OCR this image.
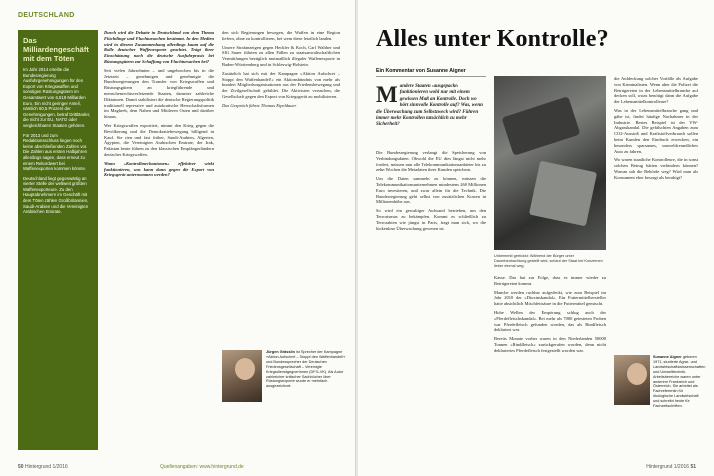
DEUTSCHLAND
Das Milliardengeschäft mit dem Töten

Im Jahr 2014 erteilte die Bundesregierung Ausfuhrgenehmigungen für den Export von Kriegswaffen und sonstigen Rüstungsgütern im Gesamtwert von 6,519 Milliarden Euro. Ein nicht geringer Anteil, nämlich 60,5 Prozent der Genehmigungen, betraf Drittländer, die nicht zur EU, NATO oder vergleichbaren Staaten gehören.

Für 2013 und zum Redaktionsschluss liegen noch keine abschließenden Zahlen vor. Die Zahlen aus ersten Halbjahren allerdings sagen, dass erneut zu einem Rekordwert bei Waffenexporten kommen könnte.

Deutschland liegt gegenwärtig an vierter Stelle der weltweit größten Waffenexporteure. Zu den Hauptabnehmern im Geschäft mit dem Töten zählen Großbritannien, Saudi-Arabien und die Vereinigten Arabischen Emirate.

Durch wird die Debatte in Deutschland von dem Thema Flüchtlinge und Fluchtursachen bestimmt. In den Medien wird in diesem Zusammenhang allerdings kaum auf die Rolle deutscher Waffenexporte geachtet. Trägt ihrer Einschätzung nach die deutsche Ausfuhrpraxis bei Rüstungsgütern zur Schaffung von Fluchtursachen bei?

Seit vielen Jahrzehnten – und ungebrochen bis in die Jetztzeit – genehmigen und genehmigte die Bundesregierungen den Transfer von Kriegswaffen und Rüstungsgütern an kriegführende und menschenrechtsverletzende Staaten, darunter zahlreiche Diktaturen. Damit stabilisiert die deutsche Regierungspolitik traditionell repressive und autokratische Herrschaftsformen im Maghreb, dem Nahen und Mittleren Osten und darüber hinaus.

Wer Kriegswaffen exportiert, nimmt den Krieg gegen die Bevölkerung und die Demokratiebewegung billigend in Kauf. Sie rien und fast früher, Saudi-Arabien, Algerien, Ägypten, die Vereinigten Arabischen Emirate, der Irak, Pakistan beute führen zu den klassischen Empfängerländern deutscher Kriegswaffen.

Wann »Kontrollmechanismen« effektiver wirkt funktionieren, was kann dann gegen die Export von Kriegsgerät unternommen werden?

den sich Regierungen bewegen, die Waffen in eine Region liefern, ohne zu kontrollieren, bei wem diese letztlich landen.

Unsere Strafanzeigen gegen Heckler & Koch, Carl Walther und SIG Sauer führten zu allen Fällen zu staatsanwaltschaftlichen Vermittlungen bezüglich mutmaßlich illegaler Waffenexporte in Baden-Württemberg und in Schleswig-Holstein.

Zusätzlich hat sich mit der Kampagne »Aktion Aufschrei – Stoppt den Waffenhandel!« ein Aktionsbündnis von mehr als hundert Mitgliedsorganisationen aus der Friedensbewegung und der Zivilgesellschaft gebildet. Die Aktivisten versuchen, die Gesellschaft gegen den Export von Kriegsgerät zu mobilisieren.

Das Gespräch führte Thomas Eipeldauer

Jürgen Grässlin ist Sprecher der Kampagne »Aktion Aufschrei – Stoppt den Waffenhandel!« und Bundessprecher der Deutschen Friedensgesellschaft – Vereinigte KriegsdienstgegnerInnen (DFG-VK). Als Autor zahlreicher kritischer Sachbücher über Rüstungsexporte wurde er mehrfach ausgezeichnet.
50 Hintergrund 1/2016	Quellenangaben: www.hintergrund.de
Alles unter Kontrolle?
Ein Kommentar von Susanne Aigner
M andere Staaten ›ausgepackt‹ funktionieren wohl nur mit einem gewissen Maß an Kontrolle. Doch wo hört sinnvolle Kontrolle auf? Was, wenn die Überwachung zum Selbstzweck wird? Führen immer mehr Kontrollen tatsächlich zu mehr Sicherheit?

Die Bundesregierung verlangt die Speicherung von Verbindungsdaten. Obwohl die EU dies längst nicht mehr fordert, müssen nun alle Telekommunikationsanbieter bis zu zehn Wochen die Metadaten ihrer Kunden speichern.

Um die Daten sammeln zu können, müssen die Telekommunikationsunternehmen mindestens 260 Millionen Euro investieren, und zwar allein für die Technik. Die Bundesregierung geht selbst von zusätzlichen Kosten in Millionenhöhe aus.

So wird ein gewaltiger Aufwand betrieben, um den Terrorismus zu bekämpfen. Kommt es schließlich zu Terrorakten wie jüngst in Paris, fragt man sich, wo die lückenlose Überwachung gewesen ist.

Unbemerkt getrickst: Während der Bürger unter Dauerbeobachtung gestellt wird, schaut der Staat bei Konzernen lieber einmal weg.

Kasse. Das hat zur Folge, dass es immer wieder zu Betrügereien kommt.

Manche werden ruchbar aufgedeckt, wie zum Beispiel im Jahr 2010 der »Dioxinskandal«. Ein Futtermittelhersteller hatte absichtlich Mischfettsäure in die Futtermittel gemischt.

Hohe Wellen der Empörung schlug auch der »Pferdefleischskandal«. Bei mehr als 7000 getesteten Proben war Pferdefleisch gefunden worden, das als Rindfleisch deklariert war.

Bereits Monate vorher waren in den Niederlanden 50000 Tonnen »Rindfleisch« zurückgerufen worden, denn nicht deklariertes Pferdefleisch festgestellt worden war.

die Aufdeckung solcher Vorfälle als Aufgabe von Kriminalisten. Wenn aber die Polizei die Betrügereien in der Lebensmittelbranche auf decken soll, wozu benötigt dann die Aufgabe der Lebensmittelkontrolleure?

Was in der Lebensmittelbranche gang und gäbe ist, findet häufige Nachahmer in der Industrie. Bestes Beispiel ist der VW-Abgasskandal. Die gefälschten Angaben zum CO2-Ausstoß und Kraftstoffverbrauch sollen beim Kunden den Eindruck erwecken, ein besonders sparsames, umweltfreundliches Auto zu fahren.

Wo waren staatliche Kontrolleure, die in sonst solchen Betrug hätten verhindern können? Warum sah die Behörde weg? Wird man als Konsument eher besorgt als beruhigt?

Susanne Aigner geboren 1971, studierte Agrar- und Landwirtschaftswissenschaften und Umwelttechnik. Arbeitsbereiche waren unter anderem Frankreich und Österreich. Sie arbeitet als Fachreferentin für ökologische Landwirtschaft und schreibt heute für Fachzeitschriften.
Hintergrund 1/2016 51
